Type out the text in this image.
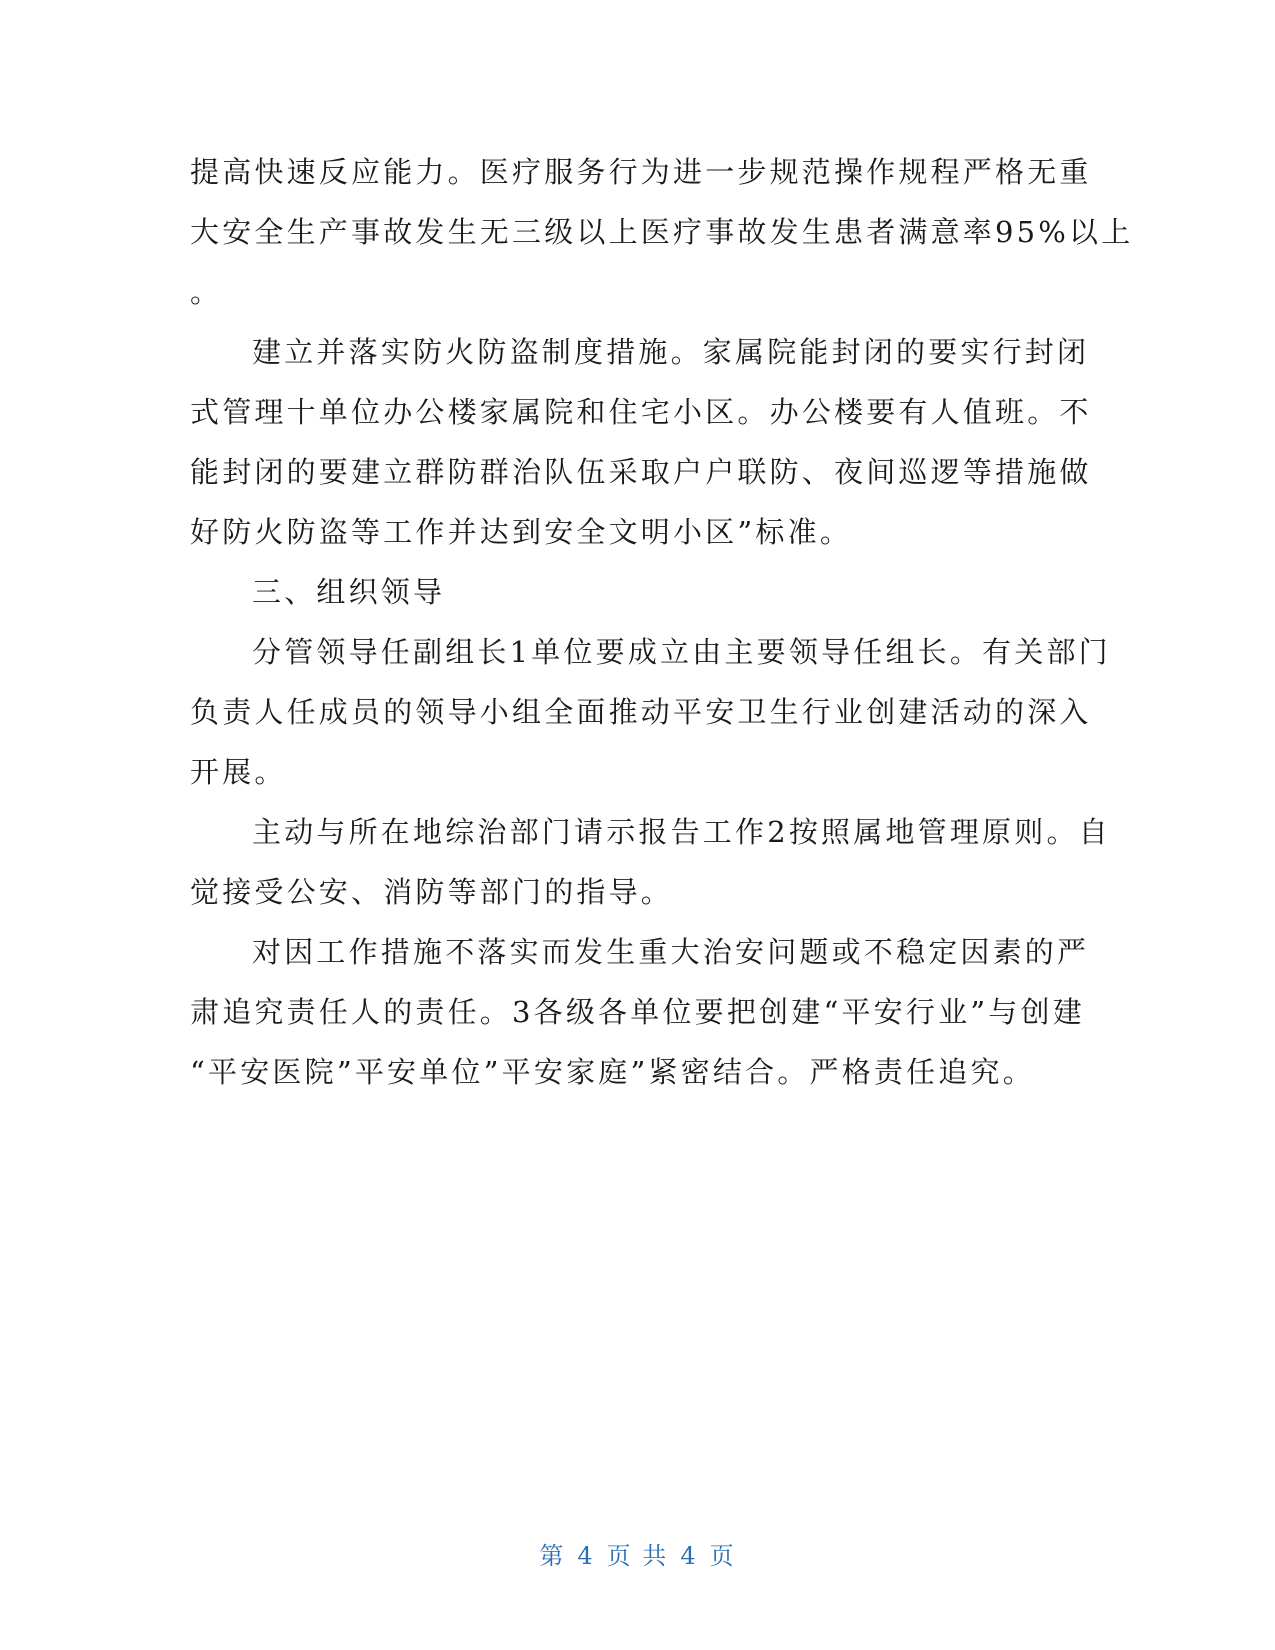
提高快速反应能力。医疗服务行为进一步规范操作规程严格无重
大安全生产事故发生无三级以上医疗事故发生患者满意率95%以上
。
建立并落实防火防盗制度措施。家属院能封闭的要实行封闭
式管理十单位办公楼家属院和住宅小区。办公楼要有人值班。不
能封闭的要建立群防群治队伍采取户户联防、夜间巡逻等措施做
好防火防盗等工作并达到安全文明小区”标准。
三、组织领导
分管领导任副组长1单位要成立由主要领导任组长。有关部门
负责人任成员的领导小组全面推动平安卫生行业创建活动的深入
开展。
主动与所在地综治部门请示报告工作2按照属地管理原则。自
觉接受公安、消防等部门的指导。
对因工作措施不落实而发生重大治安问题或不稳定因素的严
肃追究责任人的责任。3各级各单位要把创建“平安行业”与创建
“平安医院”平安单位”平安家庭”紧密结合。严格责任追究。
第 4 页 共 4 页
